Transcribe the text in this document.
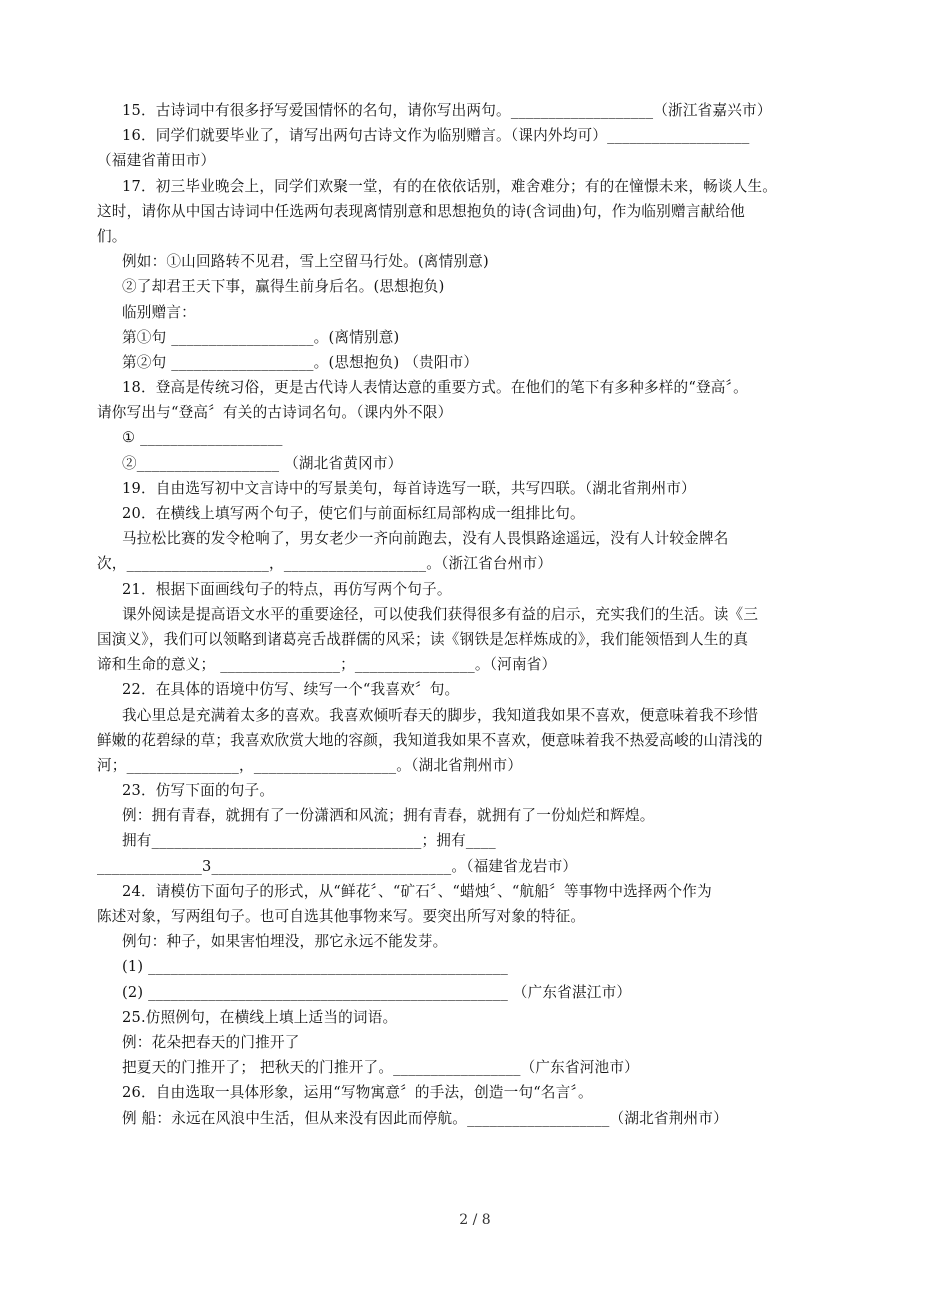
15．古诗词中有很多抒写爱国情怀的名句，请你写出两句。___________________（浙江省嘉兴市）
16．同学们就要毕业了，请写出两句古诗文作为临别赠言。（课内外均可）___________________
（福建省莆田市）
17．初三毕业晚会上，同学们欢聚一堂，有的在依依话别，难舍难分；有的在憧憬未来，畅谈人生。
这时，请你从中国古诗词中任选两句表现离情别意和思想抱负的诗(含词曲)句，作为临别赠言献给他
们。
例如：①山回路转不见君，雪上空留马行处。(离情别意)
②了却君王天下事，赢得生前身后名。(思想抱负)
临别赠言：
第①句 ___________________。(离情别意)
第②句 ___________________。(思想抱负) （贵阳市）
18．登高是传统习俗，更是古代诗人表情达意的重要方式。在他们的笔下有多种多样的“登高〞。
请你写出与“登高〞有关的古诗词名句。（课内外不限）
① ___________________
②___________________ （湖北省黄冈市）
19．自由选写初中文言诗中的写景美句，每首诗选写一联，共写四联。（湖北省荆州市）
20．在横线上填写两个句子，使它们与前面标红局部构成一组排比句。
马拉松比赛的发令枪响了，男女老少一齐向前跑去，没有人畏惧路途遥远，没有人计较金牌名
次，___________________，___________________。（浙江省台州市）
21．根据下面画线句子的特点，再仿写两个句子。
课外阅读是提高语文水平的重要途径，可以使我们获得很多有益的启示，充实我们的生活。读《三
国演义》，我们可以领略到诸葛亮舌战群儒的风采；读《钢铁是怎样炼成的》，我们能领悟到人生的真
谛和生命的意义； ________________；________________。（河南省）
22．在具体的语境中仿写、续写一个“我喜欢〞句。
我心里总是充满着太多的喜欢。我喜欢倾听春天的脚步，我知道我如果不喜欢，便意味着我不珍惜
鲜嫩的花碧绿的草；我喜欢欣赏大地的容颜，我知道我如果不喜欢，便意味着我不热爱高峻的山清浅的
河；_______________，___________________。（湖北省荆州市）
23．仿写下面的句子。
例：拥有青春，就拥有了一份潇洒和风流；拥有青春，就拥有了一份灿烂和辉煌。
拥有____________________________________；拥有____
______________3________________________________。（福建省龙岩市）
24．请模仿下面句子的形式，从“鲜花〞、“矿石〞、“蜡烛〞、“航船〞等事物中选择两个作为
陈述对象，写两组句子。也可自选其他事物来写。要突出所写对象的特征。
例句：种子，如果害怕埋没，那它永远不能发芽。
(1) ________________________________________________
(2) ________________________________________________ （广东省湛江市）
25.仿照例句，在横线上填上适当的词语。
例：花朵把春天的门推开了
把夏天的门推开了； 把秋天的门推开了。_________________（广东省河池市）
26．自由选取一具体形象，运用“写物寓意〞的手法，创造一句“名言〞。
例 船：永远在风浪中生活，但从来没有因此而停航。___________________（湖北省荆州市）
2 / 8
